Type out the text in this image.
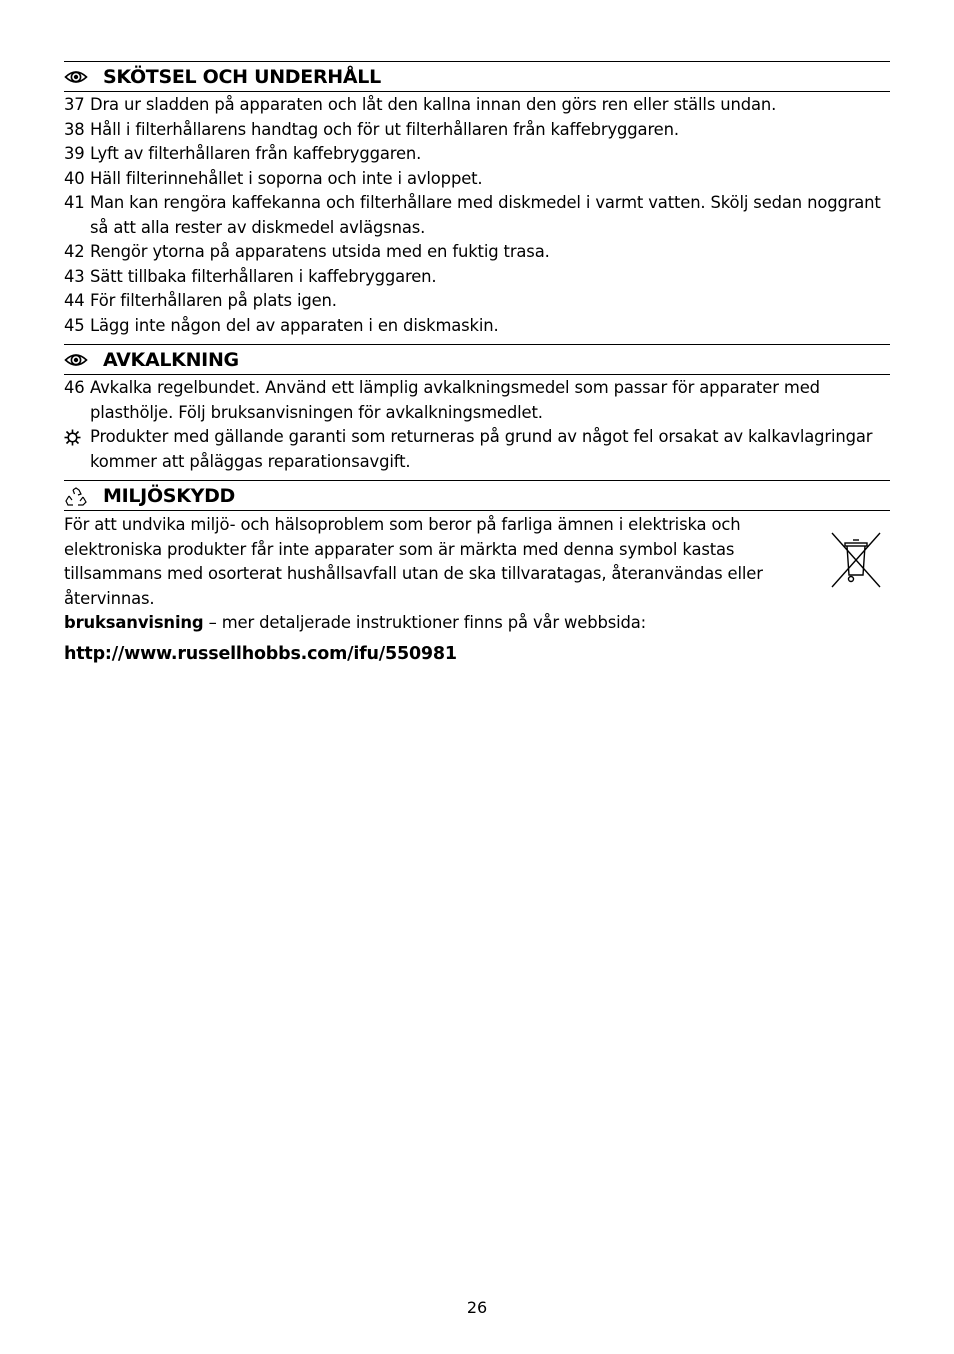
SKÖTSEL OCH UNDERHÅLL
37 Dra ur sladden på apparaten och låt den kallna innan den görs ren eller ställs undan.
38 Håll i filterhållarens handtag och för ut filterhållaren från kaffebryggaren.
39 Lyft av filterhållaren från kaffebryggaren.
40 Häll filterinnehållet i soporna och inte i avloppet.
41 Man kan rengöra kaffekanna och filterhållare med diskmedel i varmt vatten. Skölj sedan noggrant så att alla rester av diskmedel avlägsnas.
42 Rengör ytorna på apparatens utsida med en fuktig trasa.
43 Sätt tillbaka filterhållaren i kaffebryggaren.
44 För filterhållaren på plats igen.
45 Lägg inte någon del av apparaten i en diskmaskin.
AVKALKNING
46 Avkalka regelbundet. Använd ett lämplig avkalkningsmedel som passar för apparater med plasthölje. Följ bruksanvisningen för avkalkningsmedlet.
Produkter med gällande garanti som returneras på grund av något fel orsakat av kalkavlagringar kommer att påläggas reparationsavgift.
MILJÖSKYDD
För att undvika miljö- och hälsoproblem som beror på farliga ämnen i elektriska och elektroniska produkter får inte apparater som är märkta med denna symbol kastas tillsammans med osorterat hushållsavfall utan de ska tillvaratagas, återanvändas eller återvinnas.
bruksanvisning – mer detaljerade instruktioner finns på vår webbsida:
http://www.russellhobbs.com/ifu/550981
26
